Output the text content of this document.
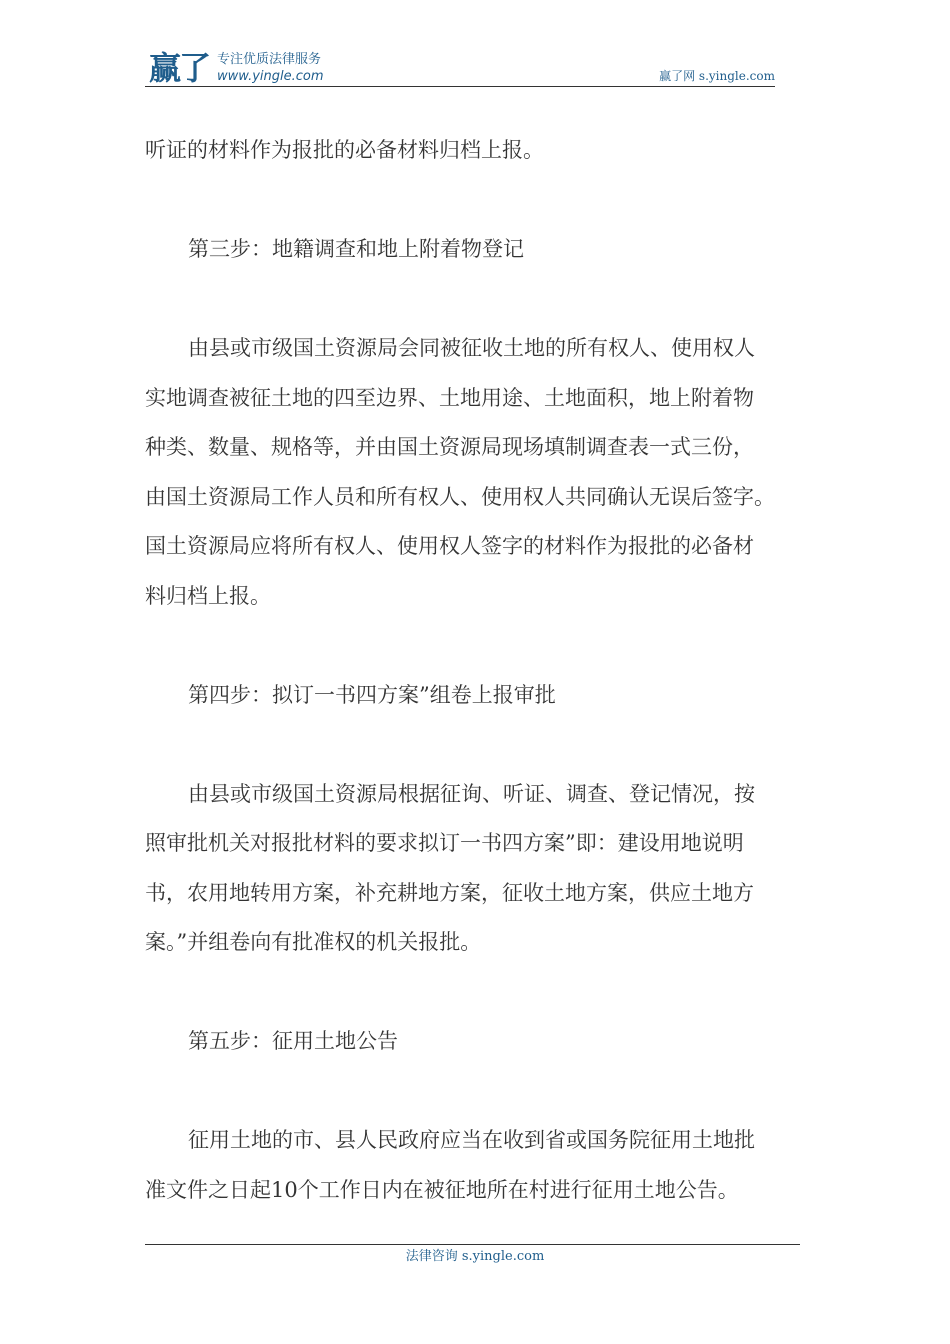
赢了 专注优质法律服务
www.yingle.com	赢了网 s.yingle.com
听证的材料作为报批的必备材料归档上报。
第三步：地籍调查和地上附着物登记
由县或市级国土资源局会同被征收土地的所有权人、使用权人
实地调查被征土地的四至边界、土地用途、土地面积，地上附着物
种类、数量、规格等，并由国土资源局现场填制调查表一式三份，
由国土资源局工作人员和所有权人、使用权人共同确认无误后签字。
国土资源局应将所有权人、使用权人签字的材料作为报批的必备材
料归档上报。
第四步：拟订一书四方案”组卷上报审批
由县或市级国土资源局根据征询、听证、调查、登记情况，按
照审批机关对报批材料的要求拟订一书四方案”即：建设用地说明
书，农用地转用方案，补充耕地方案，征收土地方案，供应土地方
案。”并组卷向有批准权的机关报批。
第五步：征用土地公告
征用土地的市、县人民政府应当在收到省或国务院征用土地批
准文件之日起10个工作日内在被征地所在村进行征用土地公告。
法律咨询 s.yingle.com
